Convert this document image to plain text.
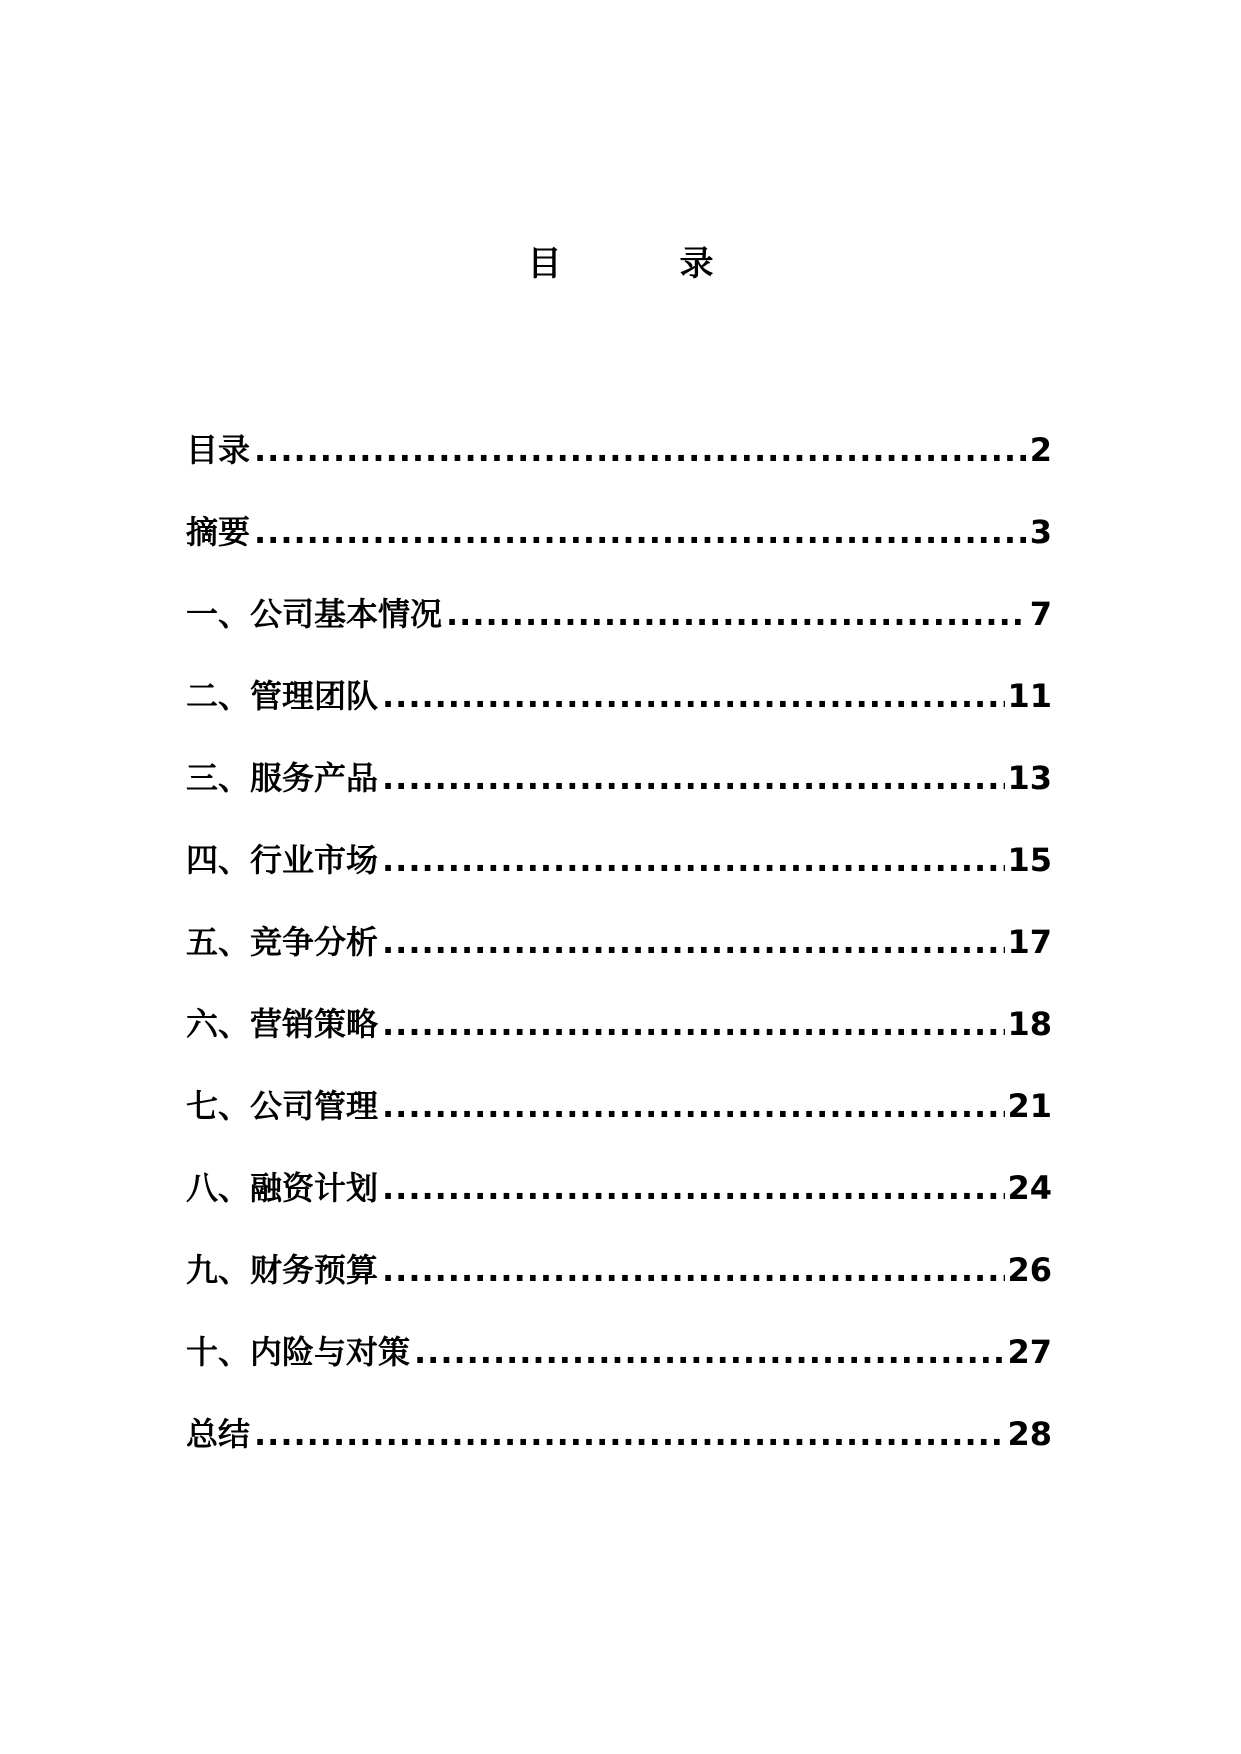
目　录
目录 .....	2
摘要 .....	3
一、公司基本情况 .....	7
二、管理团队 .....	11
三、服务产品 .....	13
四、行业市场 .....	15
五、竞争分析 .....	17
六、营销策略 .....	18
七、公司管理 .....	21
八、融资计划 .....	24
九、财务预算 .....	26
十、内险与对策 .....	27
总结 .....	28
